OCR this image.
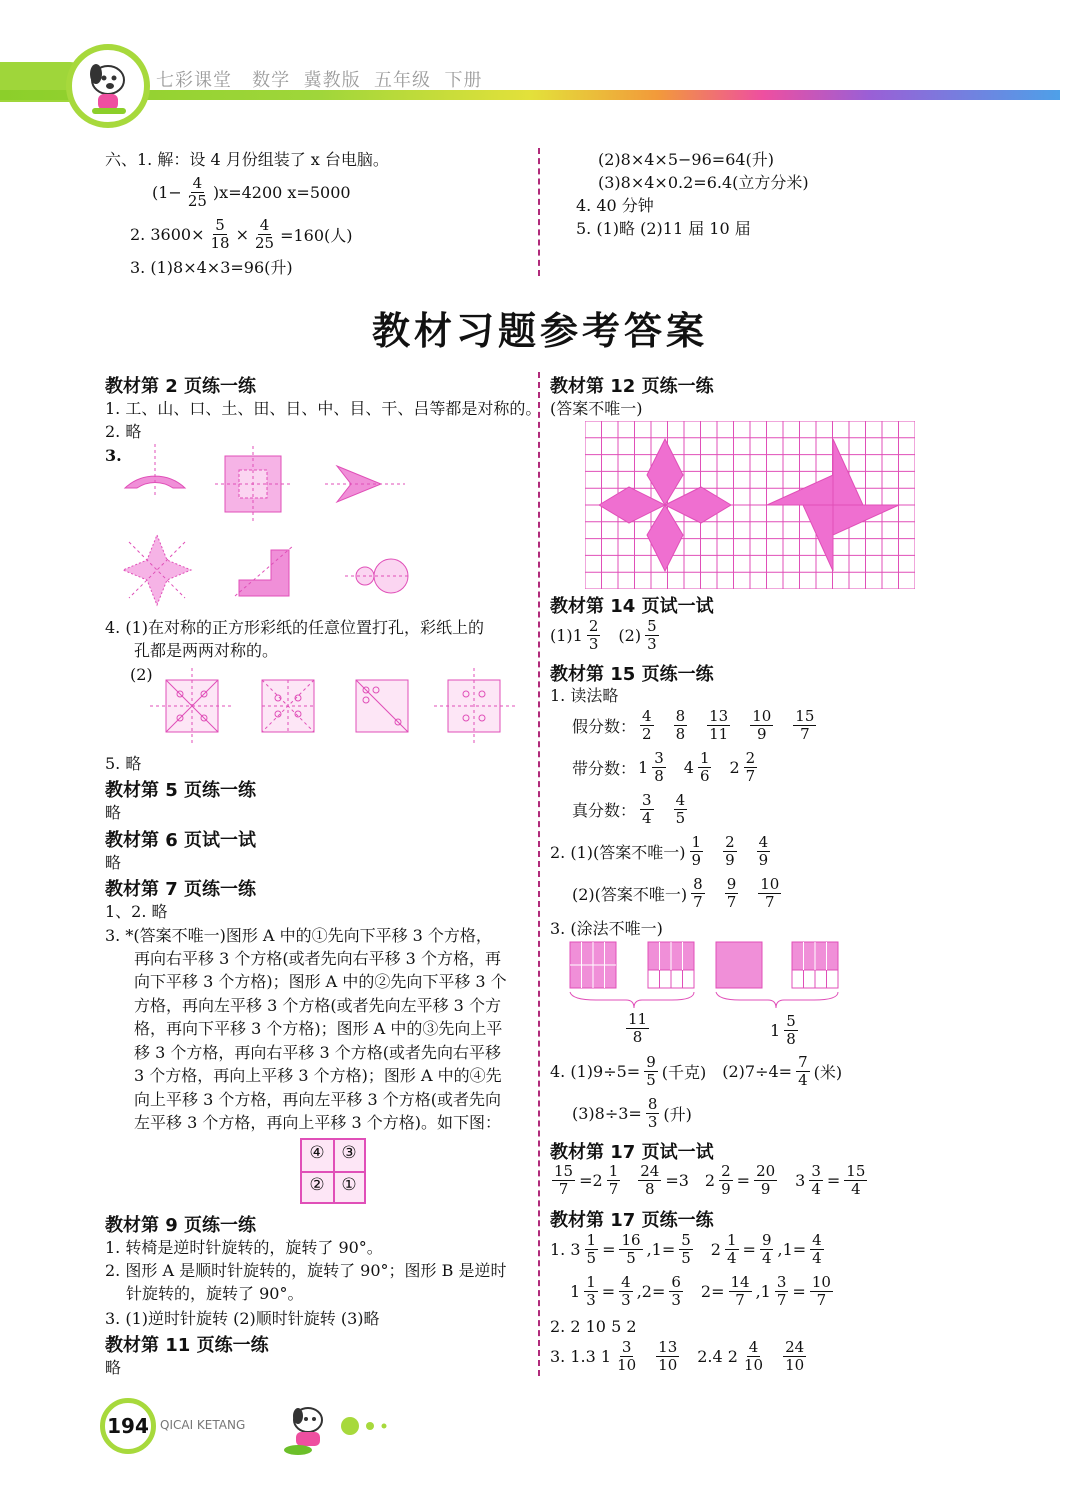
七彩课堂   数学  冀教版  五年级  下册
六、1. 解：设 4 月份组装了 x 台电脑。
$(1- \frac{4}{25} )x=4200$ x=5000
2. $3600\times \frac{5}{18} \times \frac{4}{25} =160$(人)
3. (1)8×4×3=96(升)
(2)8×4×5−96=64(升)
(3)8×4×0.2=6.4(立方分米)
4. 40 分钟
5. (1)略 (2)11 届 10 届
教材习题参考答案
教材第 2 页练一练
1. 工、山、口、土、田、日、中、目、干、吕等都是对称的。
2. 略
3.
4. (1)在对称的正方形彩纸的任意位置打孔，彩纸上的
孔都是两两对称的。
(2)
5. 略
教材第 5 页练一练
略
教材第 6 页试一试
略
教材第 7 页练一练
1、2. 略
3. *(答案不唯一)图形 A 中的①先向下平移 3 个方格，
再向右平移 3 个方格(或者先向右平移 3 个方格，再
向下平移 3 个方格)；图形 A 中的②先向下平移 3 个
方格，再向左平移 3 个方格(或者先向左平移 3 个方
格，再向下平移 3 个方格)；图形 A 中的③先向上平
移 3 个方格，再向右平移 3 个方格(或者先向右平移
3 个方格，再向上平移 3 个方格)；图形 A 中的④先
向上平移 3 个方格，再向左平移 3 个方格(或者先向
左平移 3 个方格，再向上平移 3 个方格)。如下图：
④ ③
② ①
教材第 9 页练一练
1. 转椅是逆时针旋转的，旋转了 90°。
2. 图形 A 是顺时针旋转的，旋转了 90°；图形 B 是逆时
针旋转的，旋转了 90°。
3. (1)逆时针旋转 (2)顺时针旋转 (3)略
教材第 11 页练一练
略
教材第 12 页练一练
(答案不唯一)
教材第 14 页试一试
$(1)1 \frac{2}{3} (2) \frac{5}{3}$
教材第 15 页练一练
1. 读法略
假分数： $\frac{4}{2} \frac{8}{8} \frac{13}{11} \frac{10}{9} \frac{15}{7}$
带分数： $1 \frac{3}{8} 4 \frac{1}{6} 2 \frac{2}{7}$
真分数： $\frac{3}{4} \frac{4}{5}$
2. (1)(答案不唯一) $\frac{1}{9} \frac{2}{9} \frac{4}{9}$
(2)(答案不唯一) $\frac{8}{7} \frac{9}{7} \frac{10}{7}$
3. (涂法不唯一)
$\frac{11}{8}$	$1 \frac{5}{8}$
4. $(1)9\div 5= \frac{9}{5}$ (千克) $(2)7\div 4= \frac{7}{4}$ (米)
$(3)8\div 3= \frac{8}{3}$ (升)
教材第 17 页试一试
$\frac{15}{7} =2 \frac{1}{7} \frac{24}{8} =3$ $2 \frac{2}{9} = \frac{20}{9} 3 \frac{3}{4} = \frac{15}{4}$
教材第 17 页练一练
1. $3 \frac{1}{5} = \frac{16}{5} ,1= \frac{5}{5} 2 \frac{1}{4} = \frac{9}{4} ,1= \frac{4}{4}$
$1 \frac{1}{3} = \frac{4}{3} ,2= \frac{6}{3} 2= \frac{14}{7} ,1 \frac{3}{7} = \frac{10}{7}$
2. 2 10 5 2
3. 1.3 $1 \frac{3}{10} \frac{13}{10} 2.4$ $2 \frac{4}{10} \frac{24}{10}$
194 QICAI KETANG
